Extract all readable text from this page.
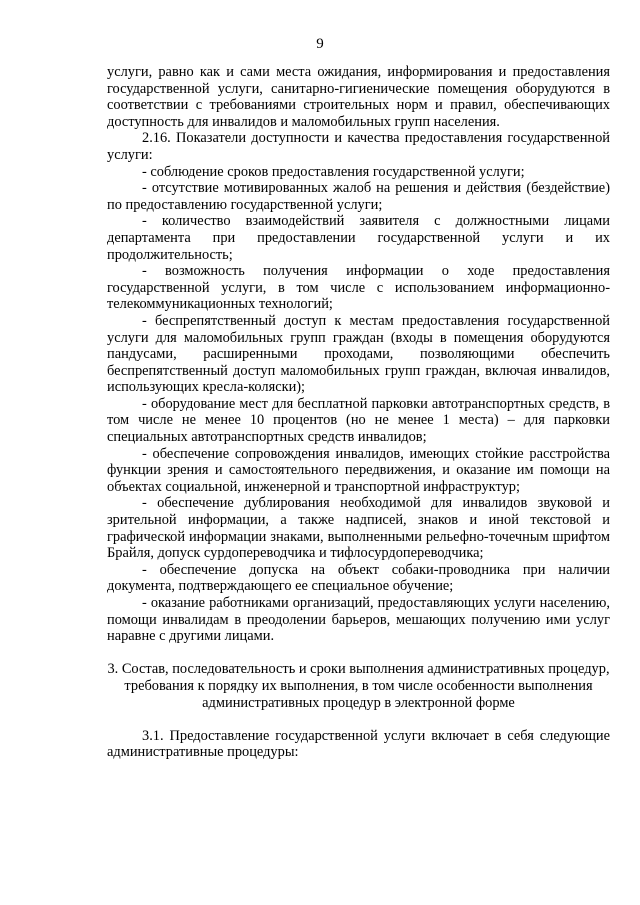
9

услуги, равно как и сами места ожидания, информирования и предоставления государственной услуги, санитарно-гигиенические помещения оборудуются в соответствии с требованиями строительных норм и правил, обеспечивающих доступность для инвалидов и маломобильных групп населения.

2.16. Показатели доступности и качества предоставления государственной услуги:

- соблюдение сроков предоставления государственной услуги;

- отсутствие мотивированных жалоб на решения и действия (бездействие) по предоставлению государственной услуги;

- количество взаимодействий заявителя с должностными лицами департамента при предоставлении государственной услуги и их продолжительность;

- возможность получения информации о ходе предоставления государственной услуги, в том числе с использованием информационно-телекоммуникационных технологий;

- беспрепятственный доступ к местам предоставления государственной услуги для маломобильных групп граждан (входы в помещения оборудуются пандусами, расширенными проходами, позволяющими обеспечить беспрепятственный доступ маломобильных групп граждан, включая инвалидов, использующих кресла-коляски);

- оборудование мест для бесплатной парковки автотранспортных средств, в том числе не менее 10 процентов (но не менее 1 места) – для парковки специальных автотранспортных средств инвалидов;

- обеспечение сопровождения инвалидов, имеющих стойкие расстройства функции зрения и самостоятельного передвижения, и оказание им помощи на объектах социальной, инженерной и транспортной инфраструктур;

- обеспечение дублирования необходимой для инвалидов звуковой и зрительной информации, а также надписей, знаков и иной текстовой и графической информации знаками, выполненными рельефно-точечным шрифтом Брайля, допуск сурдопереводчика и тифлосурдопереводчика;

- обеспечение допуска на объект собаки-проводника при наличии документа, подтверждающего ее специальное обучение;

- оказание работниками организаций, предоставляющих услуги населению, помощи инвалидам в преодолении барьеров, мешающих получению ими услуг наравне с другими лицами.

3. Состав, последовательность и сроки выполнения административных процедур, требования к порядку их выполнения, в том числе особенности выполнения административных процедур в электронной форме

3.1. Предоставление государственной услуги включает в себя следующие административные процедуры:
